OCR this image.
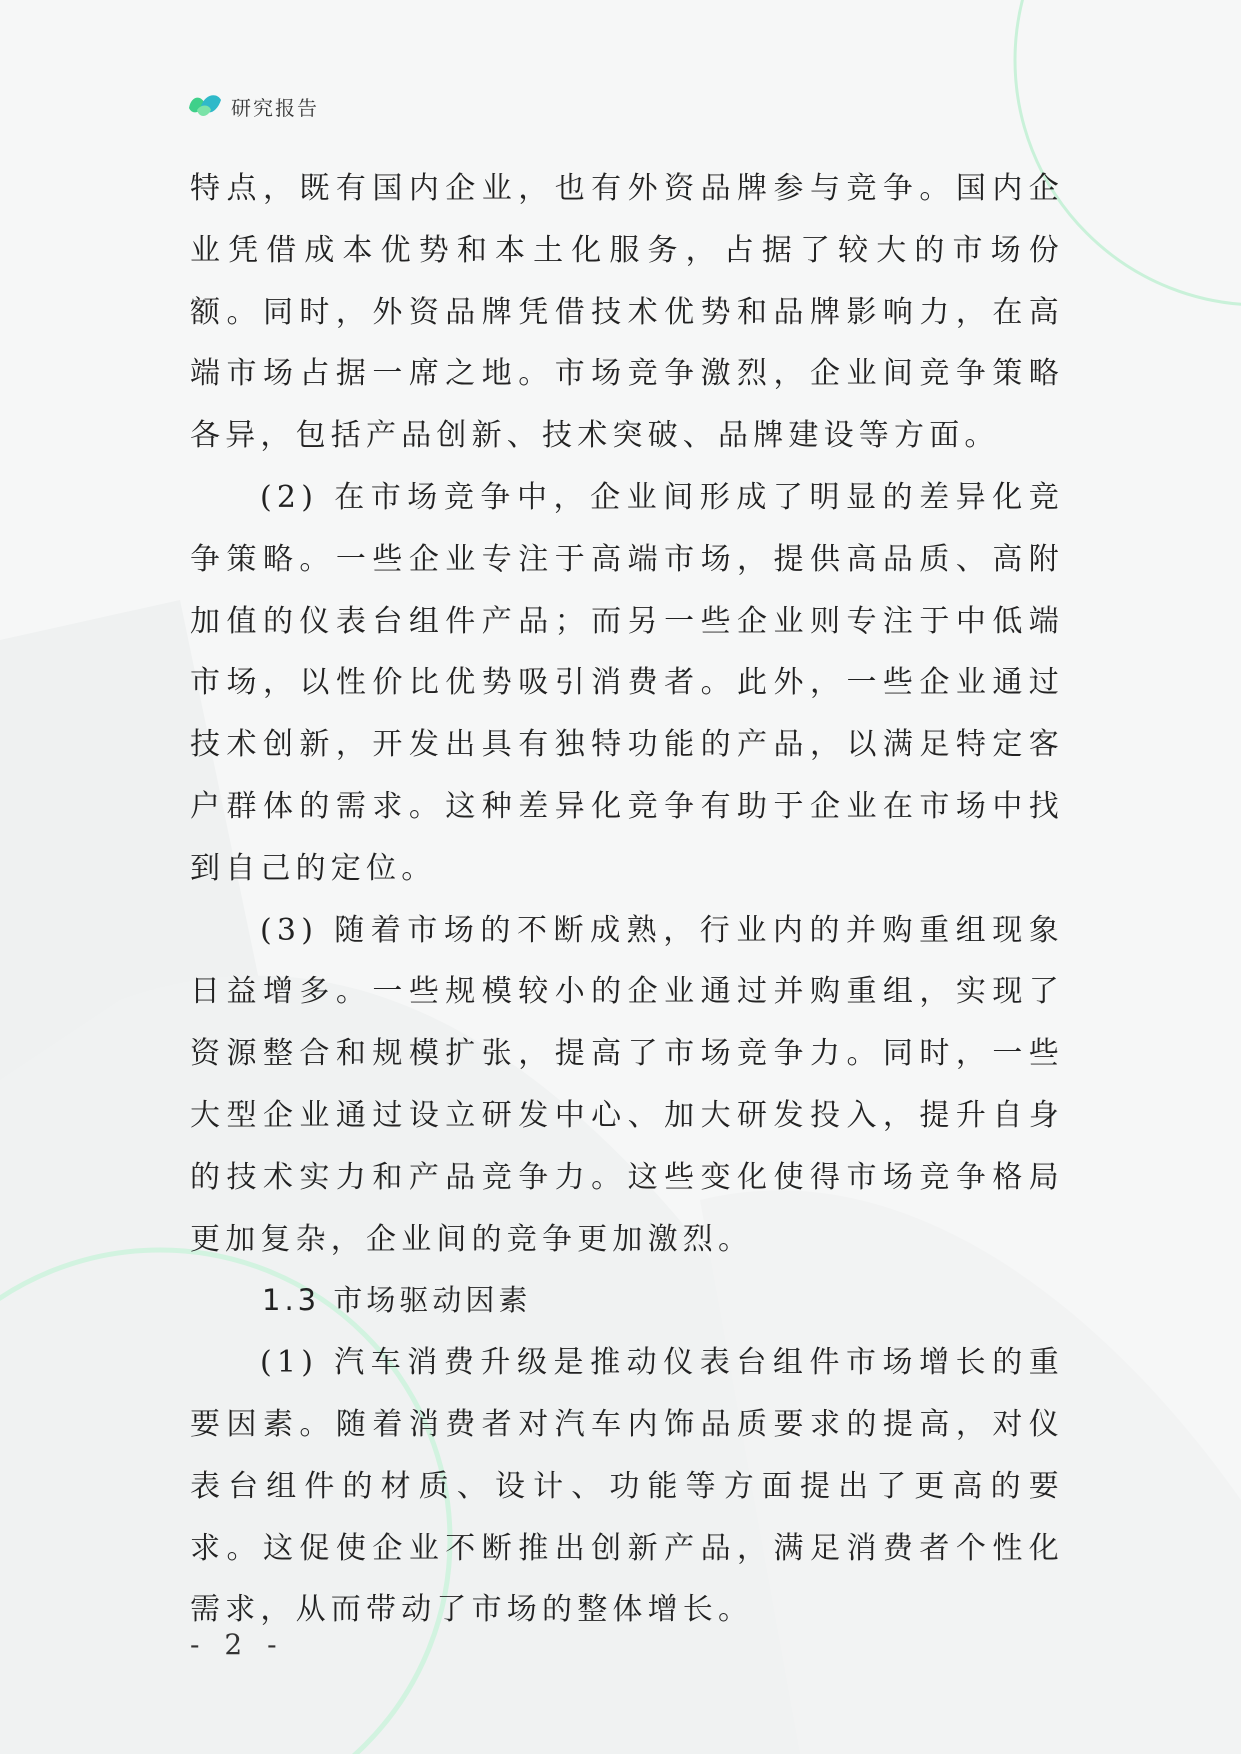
研究报告

特点，既有国内企业，也有外资品牌参与竞争。国内企业凭借成本优势和本土化服务，占据了较大的市场份额。同时，外资品牌凭借技术优势和品牌影响力，在高端市场占据一席之地。市场竞争激烈，企业间竞争策略各异，包括产品创新、技术突破、品牌建设等方面。

(2) 在市场竞争中，企业间形成了明显的差异化竞争策略。一些企业专注于高端市场，提供高品质、高附加值的仪表台组件产品；而另一些企业则专注于中低端市场，以性价比优势吸引消费者。此外，一些企业通过技术创新，开发出具有独特功能的产品，以满足特定客户群体的需求。这种差异化竞争有助于企业在市场中找到自己的定位。

(3) 随着市场的不断成熟，行业内的并购重组现象日益增多。一些规模较小的企业通过并购重组，实现了资源整合和规模扩张，提高了市场竞争力。同时，一些大型企业通过设立研发中心、加大研发投入，提升自身的技术实力和产品竞争力。这些变化使得市场竞争格局更加复杂，企业间的竞争更加激烈。

1.3 市场驱动因素

(1) 汽车消费升级是推动仪表台组件市场增长的重要因素。随着消费者对汽车内饰品质要求的提高，对仪表台组件的材质、设计、功能等方面提出了更高的要求。这促使企业不断推出创新产品，满足消费者个性化需求，从而带动了市场的整体增长。

- 2 -
